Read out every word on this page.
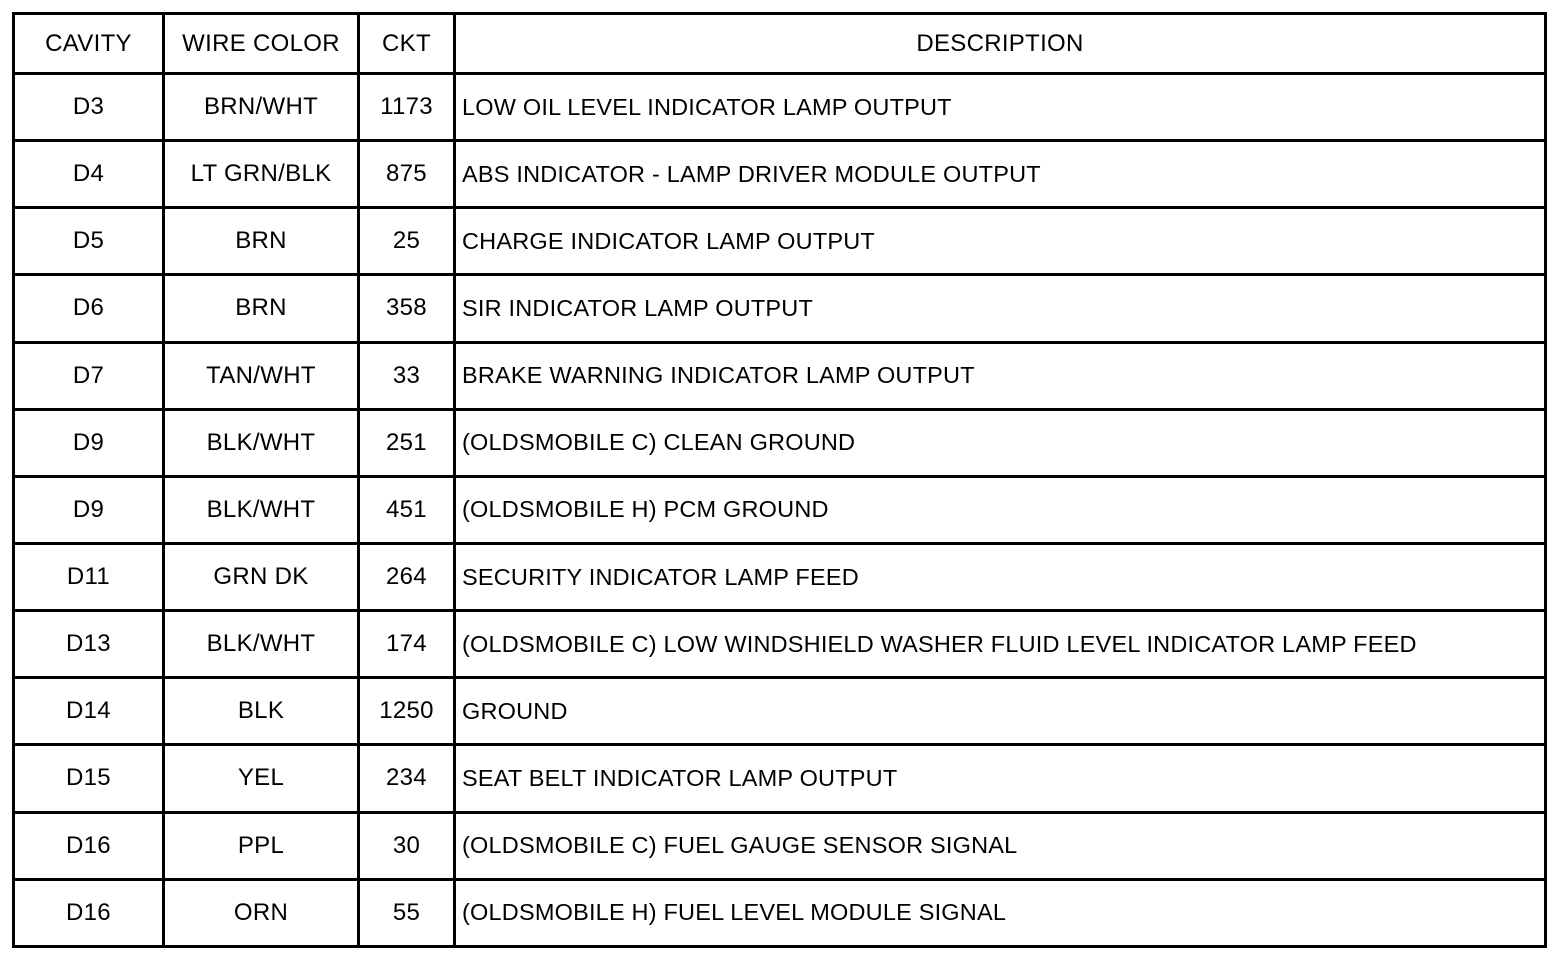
CAVITY	WIRE COLOR	CKT	DESCRIPTION
D3	BRN/WHT	1173	LOW OIL LEVEL INDICATOR LAMP OUTPUT
D4	LT GRN/BLK	875	ABS INDICATOR - LAMP DRIVER MODULE OUTPUT
D5	BRN	25	CHARGE INDICATOR LAMP OUTPUT
D6	BRN	358	SIR INDICATOR LAMP OUTPUT
D7	TAN/WHT	33	BRAKE WARNING INDICATOR LAMP OUTPUT
D9	BLK/WHT	251	(OLDSMOBILE C) CLEAN GROUND
D9	BLK/WHT	451	(OLDSMOBILE H) PCM GROUND
D11	GRN DK	264	SECURITY INDICATOR LAMP FEED
D13	BLK/WHT	174	(OLDSMOBILE C) LOW WINDSHIELD WASHER FLUID LEVEL INDICATOR LAMP FEED
D14	BLK	1250	GROUND
D15	YEL	234	SEAT BELT INDICATOR LAMP OUTPUT
D16	PPL	30	(OLDSMOBILE C) FUEL GAUGE SENSOR SIGNAL
D16	ORN	55	(OLDSMOBILE H) FUEL LEVEL MODULE SIGNAL
